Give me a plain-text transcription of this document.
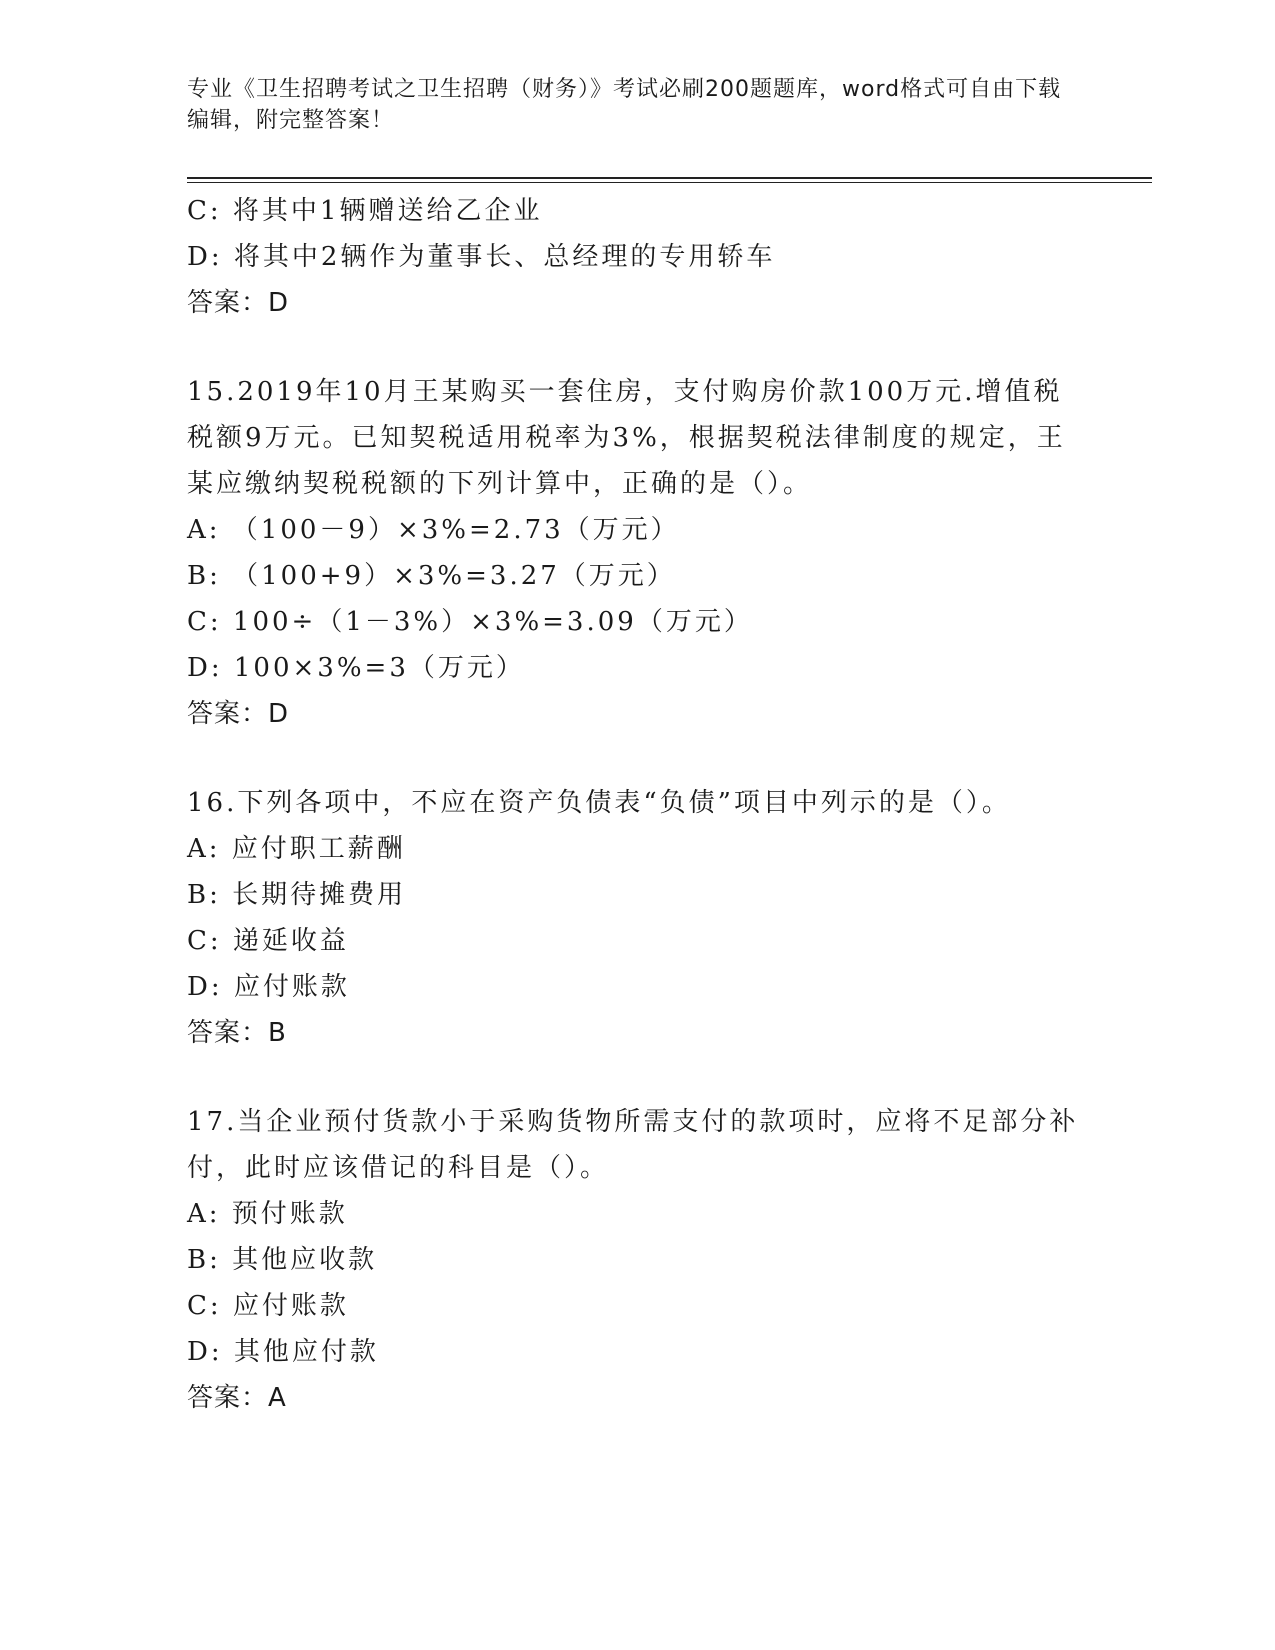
专业《卫生招聘考试之卫生招聘（财务）》考试必刷200题题库，word格式可自由下载编辑，附完整答案！
C: 将其中1辆赠送给乙企业
D: 将其中2辆作为董事长、总经理的专用轿车
答案：D
15.2019年10月王某购买一套住房，支付购房价款100万元.增值税税额9万元。已知契税适用税率为3%，根据契税法律制度的规定，王某应缴纳契税税额的下列计算中，正确的是（）。
A: （100－9）×3%=2.73（万元）
B: （100+9）×3%=3.27（万元）
C: 100÷（1－3%）×3%=3.09（万元）
D: 100×3%=3（万元）
答案：D
16.下列各项中，不应在资产负债表“负债”项目中列示的是（）。
A: 应付职工薪酬
B: 长期待摊费用
C: 递延收益
D: 应付账款
答案：B
17.当企业预付货款小于采购货物所需支付的款项时，应将不足部分补付，此时应该借记的科目是（）。
A: 预付账款
B: 其他应收款
C: 应付账款
D: 其他应付款
答案：A
